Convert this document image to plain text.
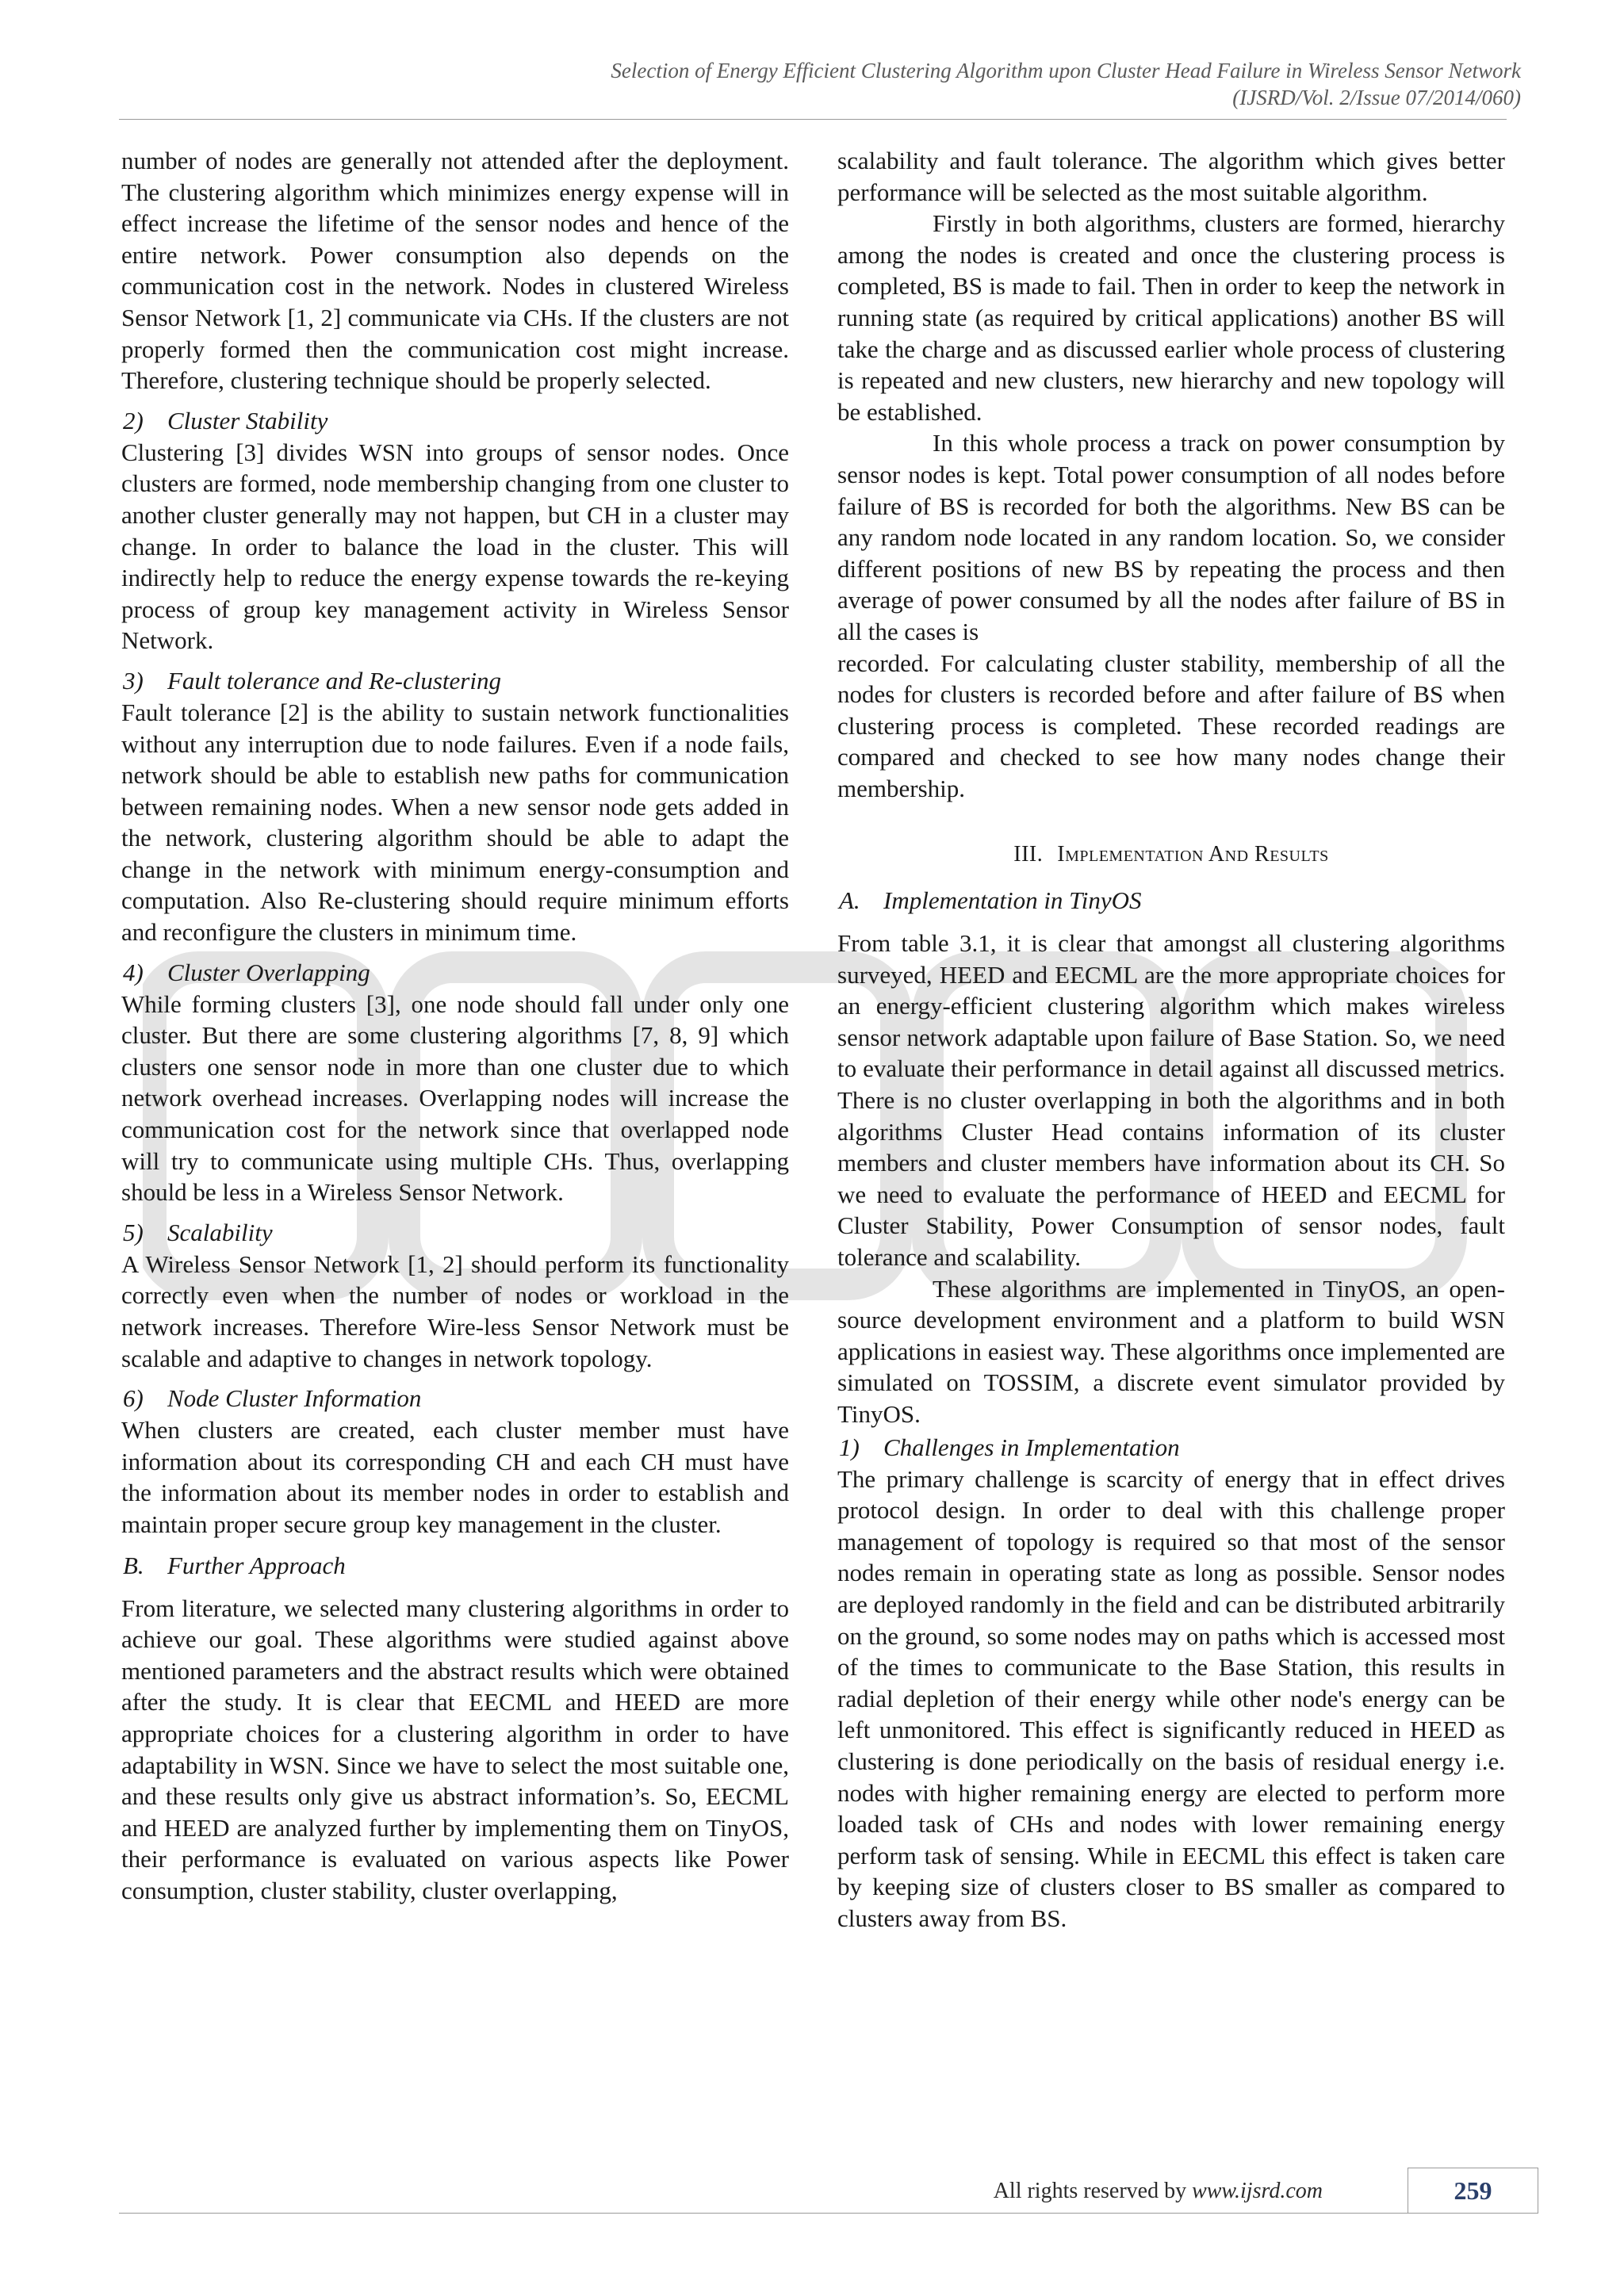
Selection of Energy Efficient Clustering Algorithm upon Cluster Head Failure in Wireless Sensor Network
(IJSRD/Vol. 2/Issue 07/2014/060)

number of nodes are generally not attended after the deployment. The clustering algorithm which minimizes energy expense will in effect increase the lifetime of the sensor nodes and hence of the entire network. Power consumption also depends on the communication cost in the network. Nodes in clustered Wireless Sensor Network [1, 2] communicate via CHs. If the clusters are not properly formed then the communication cost might increase. Therefore, clustering technique should be properly selected.

2) Cluster Stability

Clustering [3] divides WSN into groups of sensor nodes. Once clusters are formed, node membership changing from one cluster to another cluster generally may not happen, but CH in a cluster may change. In order to balance the load in the cluster. This will indirectly help to reduce the energy expense towards the re-keying process of group key management activity in Wireless Sensor Network.

3) Fault tolerance and Re-clustering

Fault tolerance [2] is the ability to sustain network functionalities without any interruption due to node failures. Even if a node fails, network should be able to establish new paths for communication between remaining nodes. When a new sensor node gets added in the network, clustering algorithm should be able to adapt the change in the network with minimum energy-consumption and computation. Also Re-clustering should require minimum efforts and reconfigure the clusters in minimum time.

4) Cluster Overlapping

While forming clusters [3], one node should fall under only one cluster. But there are some clustering algorithms [7, 8, 9] which clusters one sensor node in more than one cluster due to which network overhead increases. Overlapping nodes will increase the communication cost for the network since that overlapped node will try to communicate using multiple CHs. Thus, overlapping should be less in a Wireless Sensor Network.

5) Scalability

A Wireless Sensor Network [1, 2] should perform its functionality correctly even when the number of nodes or workload in the network increases. Therefore Wire-less Sensor Network must be scalable and adaptive to changes in network topology.

6) Node Cluster Information

When clusters are created, each cluster member must have information about its corresponding CH and each CH must have the information about its member nodes in order to establish and maintain proper secure group key management in the cluster.

B. Further Approach

From literature, we selected many clustering algorithms in order to achieve our goal. These algorithms were studied against above mentioned parameters and the abstract results which were obtained after the study. It is clear that EECML and HEED are more appropriate choices for a clustering algorithm in order to have adaptability in WSN. Since we have to select the most suitable one, and these results only give us abstract information’s. So, EECML and HEED are analyzed further by implementing them on TinyOS, their performance is evaluated on various aspects like Power consumption, cluster stability, cluster overlapping,

scalability and fault tolerance. The algorithm which gives better performance will be selected as the most suitable algorithm.

Firstly in both algorithms, clusters are formed, hierarchy among the nodes is created and once the clustering process is completed, BS is made to fail. Then in order to keep the network in running state (as required by critical applications) another BS will take the charge and as discussed earlier whole process of clustering is repeated and new clusters, new hierarchy and new topology will be established.

In this whole process a track on power consumption by sensor nodes is kept. Total power consumption of all nodes before failure of BS is recorded for both the algorithms. New BS can be any random node located in any random location. So, we consider different positions of new BS by repeating the process and then average of power consumed by all the nodes after failure of BS in all the cases is

recorded. For calculating cluster stability, membership of all the nodes for clusters is recorded before and after failure of BS when clustering process is completed. These recorded readings are compared and checked to see how many nodes change their membership.

III. Implementation And Results
A. Implementation in TinyOS

From table 3.1, it is clear that amongst all clustering algorithms surveyed, HEED and EECML are the more appropriate choices for an energy-efficient clustering algorithm which makes wireless sensor network adaptable upon failure of Base Station. So, we need to evaluate their performance in detail against all discussed metrics. There is no cluster overlapping in both the algorithms and in both algorithms Cluster Head contains information of its cluster members and cluster members have information about its CH. So we need to evaluate the performance of HEED and EECML for Cluster Stability, Power Consumption of sensor nodes, fault tolerance and scalability.

These algorithms are implemented in TinyOS, an open-source development environment and a platform to build WSN applications in easiest way. These algorithms once implemented are simulated on TOSSIM, a discrete event simulator provided by TinyOS.

1) Challenges in Implementation

The primary challenge is scarcity of energy that in effect drives protocol design. In order to deal with this challenge proper management of topology is required so that most of the sensor nodes remain in operating state as long as possible. Sensor nodes are deployed randomly in the field and can be distributed arbitrarily on the ground, so some nodes may on paths which is accessed most of the times to communicate to the Base Station, this results in radial depletion of their energy while other node's energy can be left unmonitored. This effect is significantly reduced in HEED as clustering is done periodically on the basis of residual energy i.e. nodes with higher remaining energy are elected to perform more loaded task of CHs and nodes with lower remaining energy perform task of sensing. While in EECML this effect is taken care by keeping size of clusters closer to BS smaller as compared to clusters away from BS.

All rights reserved by www.ijsrd.com	259
